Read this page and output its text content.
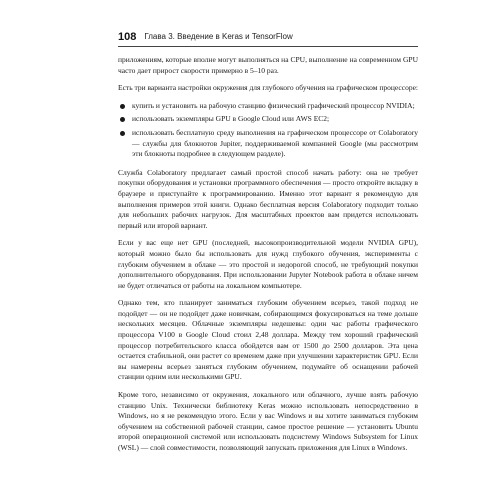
108 Глава 3. Введение в Keras и TensorFlow

приложениям, которые вполне могут выполняться на CPU, выполнение на современном GPU часто дает прирост скорости примерно в 5–10 раз.

Есть три варианта настройки окружения для глубокого обучения на графическом процессоре:

купить и установить на рабочую станцию физический графический процессор NVIDIA;
использовать экземпляры GPU в Google Cloud или AWS EC2;
использовать бесплатную среду выполнения на графическом процессоре от Colaboratory — службы для блокнотов Jupiter, поддерживаемой компанией Google (мы рассмотрим эти блокноты подробнее в следующем разделе).

Служба Colaboratory предлагает самый простой способ начать работу: она не требует покупки оборудования и установки программного обеспечения — просто откройте вкладку в браузере и приступайте к программированию. Именно этот вариант я рекомендую для выполнения примеров этой книги. Однако бесплатная версия Colaboratory подходит только для небольших рабочих нагрузок. Для масштабных проектов вам придется использовать первый или второй вариант.

Если у вас еще нет GPU (последней, высокопроизводительной модели NVIDIA GPU), который можно было бы использовать для нужд глубокого обучения, эксперименты с глубоким обучением в облаке — это простой и недорогой способ, не требующий покупки дополнительного оборудования. При использовании Jupyter Notebook работа в облаке ничем не будет отличаться от работы на локальном компьютере.

Однако тем, кто планирует заниматься глубоким обучением всерьез, такой подход не подойдет — он не подойдет даже новичкам, собирающимся фокусироваться на теме дольше нескольких месяцев. Облачные экземпляры недешевы: один час работы графического процессора V100 в Google Cloud стоил 2,48 доллара. Между тем хороший графический процессор потребительского класса обойдется вам от 1500 до 2500 долларов. Эта цена остается стабильной, они растет со временем даже при улучшении характеристик GPU. Если вы намерены всерьез заняться глубоким обучением, подумайте об оснащении рабочей станции одним или несколькими GPU.

Кроме того, независимо от окружения, локального или облачного, лучше взять рабочую станцию Unix. Технически библиотеку Keras можно использовать непосредственно в Windows, но я не рекомендую этого. Если у вас Windows и вы хотите заниматься глубоким обучением на собственной рабочей станции, самое простое решение — установить Ubuntu второй операционной системой или использовать подсистему Windows Subsystem for Linux (WSL) — слой совместимости, позволяющий запускать приложения для Linux в Windows.
